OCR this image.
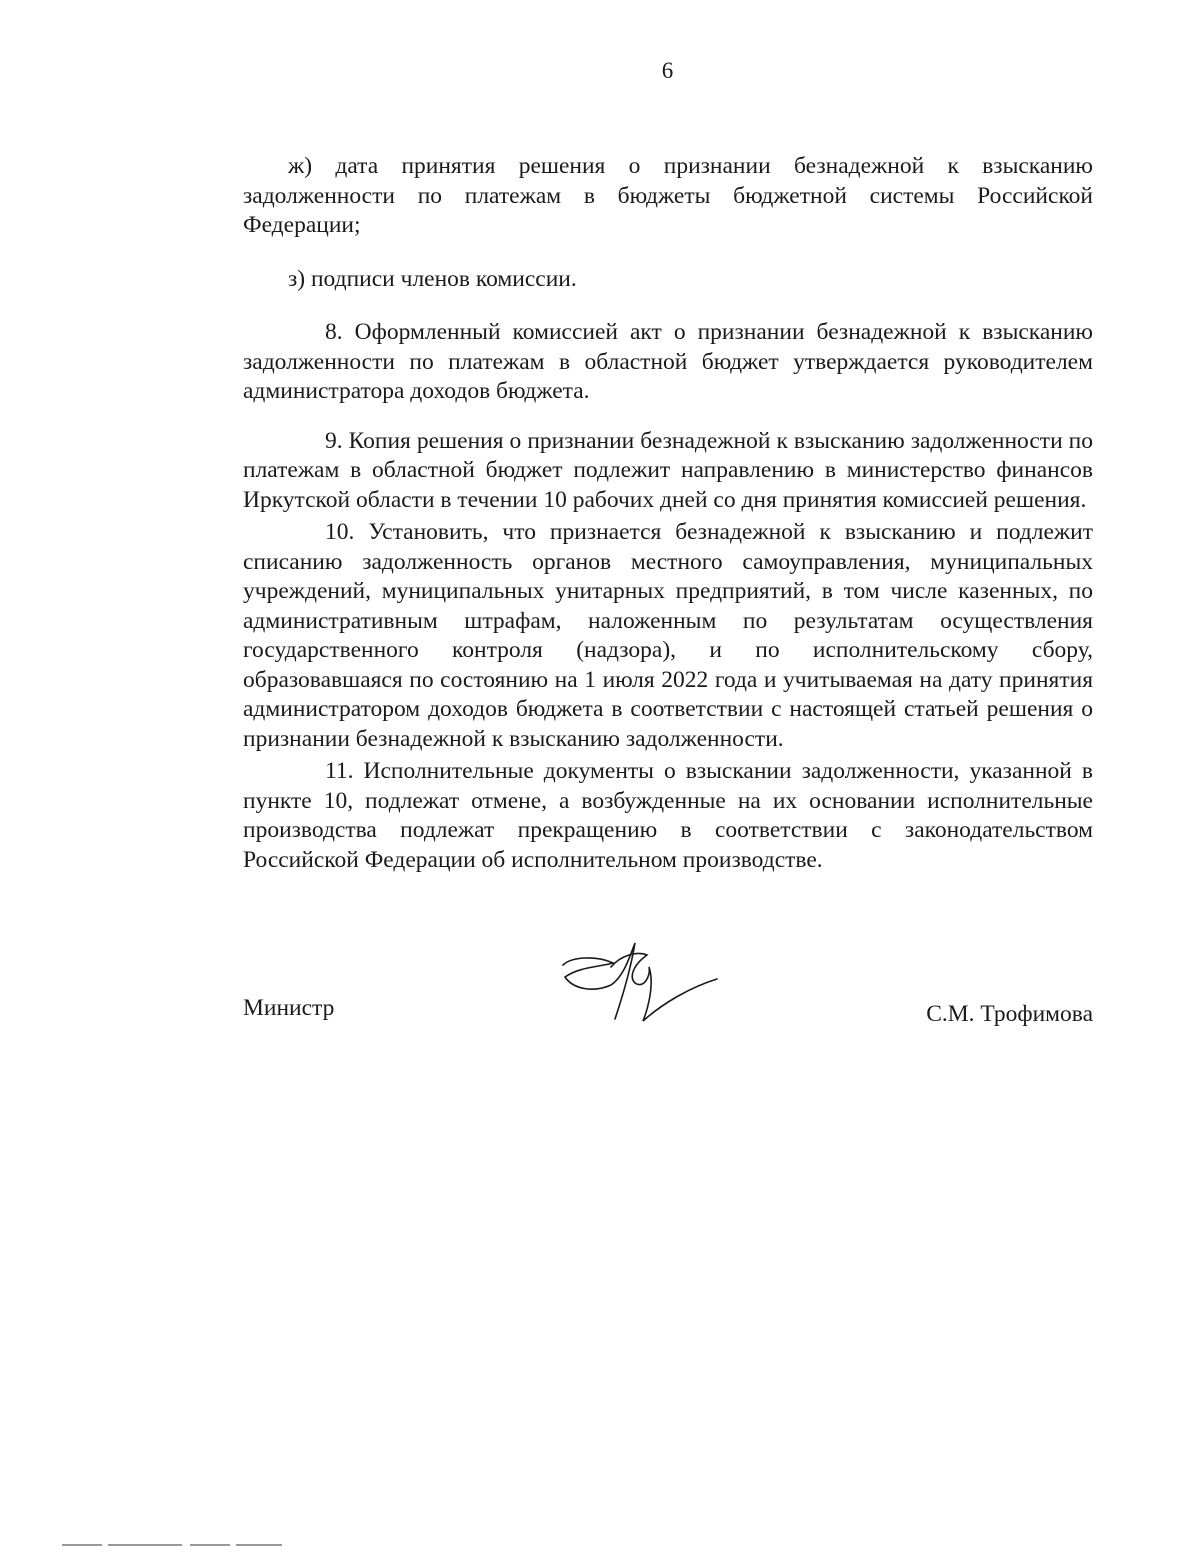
6

ж) дата принятия решения о признании безнадежной к взысканию задолженности по платежам в бюджеты бюджетной системы Российской Федерации;

з) подписи членов комиссии.

8. Оформленный комиссией акт о признании безнадежной к взысканию задолженности по платежам в областной бюджет утверждается руководителем администратора доходов бюджета.

9. Копия решения о признании безнадежной к взысканию задолженности по платежам в областной бюджет подлежит направлению в министерство финансов Иркутской области в течении 10 рабочих дней со дня принятия комиссией решения.

10. Установить, что признается безнадежной к взысканию и подлежит списанию задолженность органов местного самоуправления, муниципальных учреждений, муниципальных унитарных предприятий, в том числе казенных, по административным штрафам, наложенным по результатам осуществления государственного контроля (надзора), и по исполнительскому сбору, образовавшаяся по состоянию на 1 июля 2022 года и учитываемая на дату принятия администратором доходов бюджета в соответствии с настоящей статьей решения о признании безнадежной к взысканию задолженности.

11. Исполнительные документы о взыскании задолженности, указанной в пункте 10, подлежат отмене, а возбужденные на их основании исполнительные производства подлежат прекращению в соответствии с законодательством Российской Федерации об исполнительном производстве.

Министр	С.М. Трофимова
